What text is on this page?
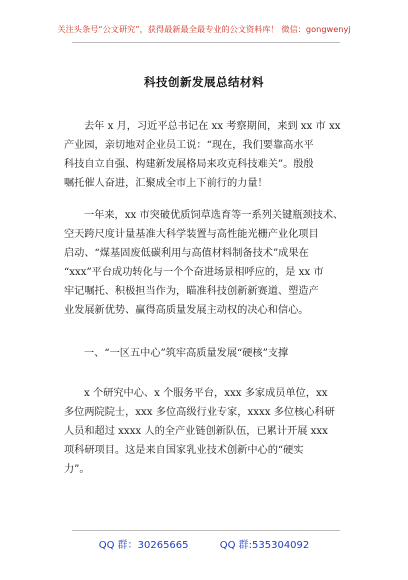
关注头条号“公文研究”，获得最新最全最专业的公文资料库！ 微信：gongwenyj
科技创新发展总结材料
去年 x 月，习近平总书记在 xx 考察期间，来到 xx 市 xx
产业园，亲切地对企业员工说：“现在，我们要靠高水平
科技自立自强、构建新发展格局来攻克科技难关”。殷殷
嘱托催人奋进，汇聚成全市上下前行的力量！
一年来，xx 市突破优质饲草选育等一系列关键瓶颈技术、
空天跨尺度计量基准大科学装置与高性能光栅产业化项目
启动、“煤基固废低碳利用与高值材料制备技术”成果在
“xxx”平台成功转化与一个个奋进场景相呼应的，是 xx 市
牢记嘱托、积极担当作为，瞄准科技创新新赛道、塑造产
业发展新优势、赢得高质量发展主动权的决心和信心。
一、“一区五中心”筑牢高质量发展“硬核”支撑
x 个研究中心、x 个服务平台，xxx 多家成员单位，xx
多位两院院士，xxx 多位高级行业专家，xxxx 多位核心科研
人员和超过 xxxx 人的全产业链创新队伍，已累计开展 xxx
项科研项目。这是来自国家乳业技术创新中心的“硬实
力”。
QQ 群：30265665	QQ 群:535304092
